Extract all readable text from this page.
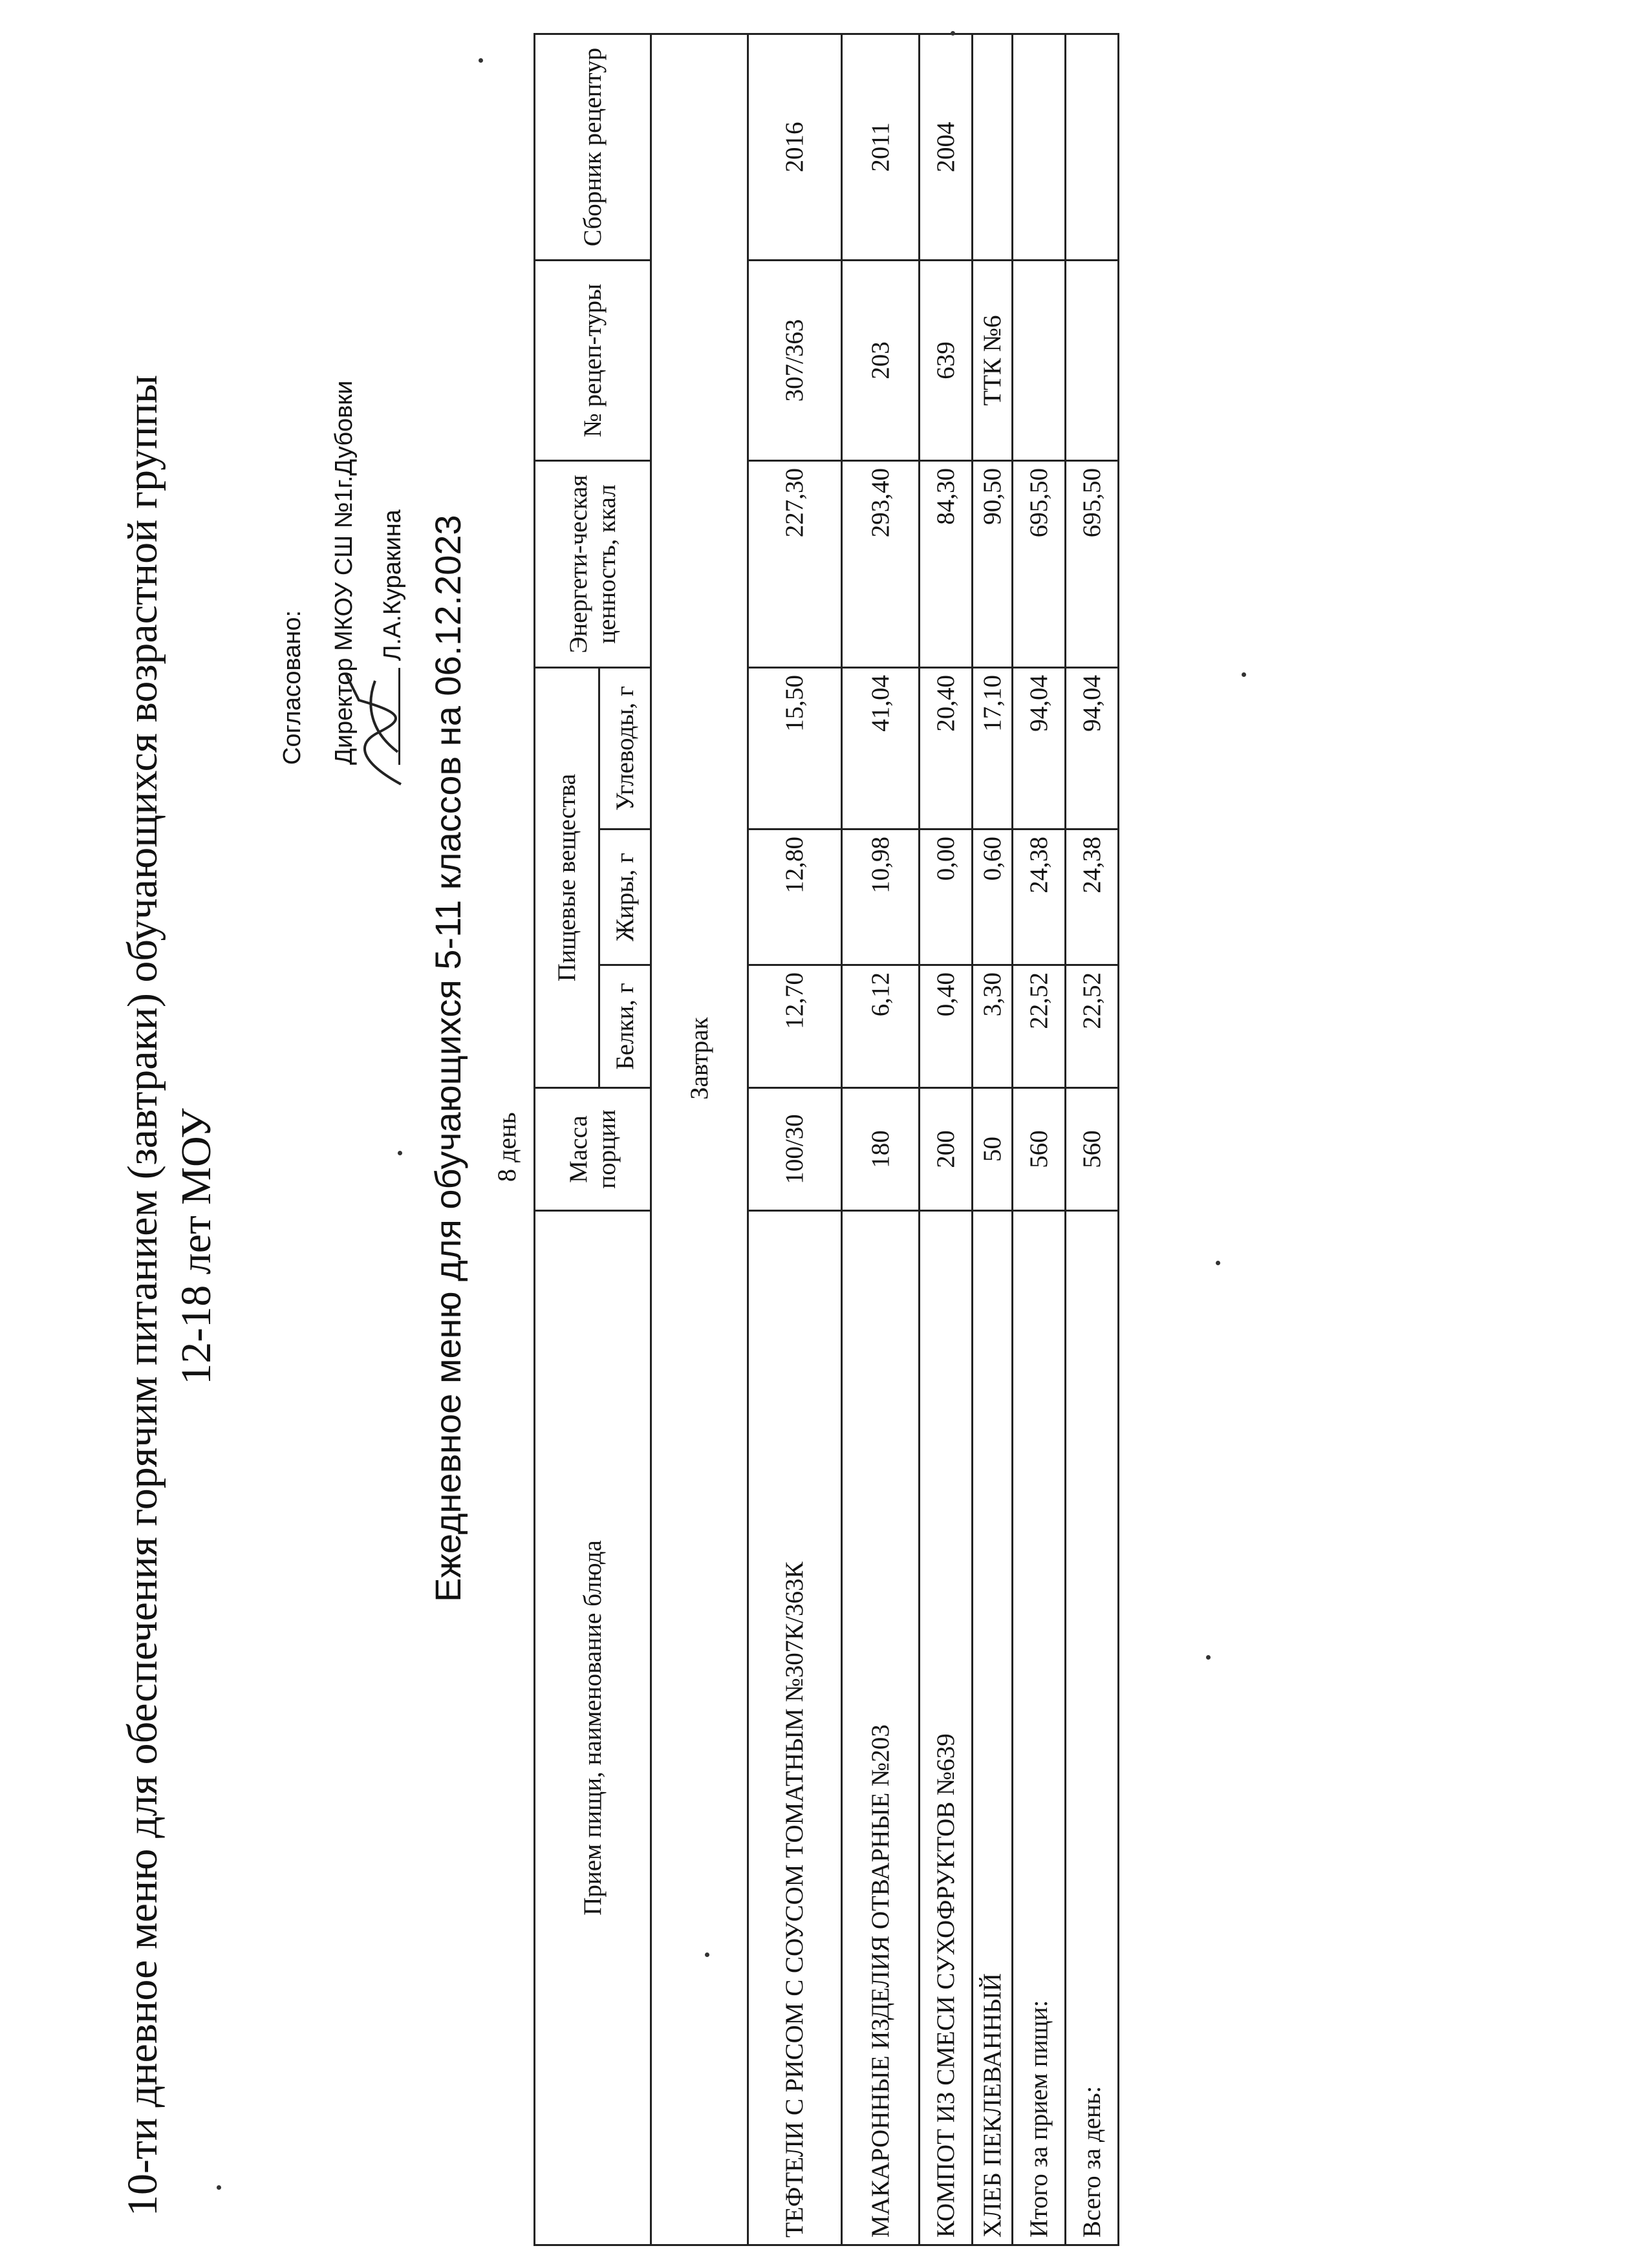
10-ти дневное меню для обеспечения горячим питанием (завтраки) обучающихся возрастной группы 12-18 лет МОУ
Согласовано: Директор МКОУ СШ №1г.Дубовки Л.А.Куракина Ежедневное меню для обучающихся 5-11 классов на 06.12.2023 8 день
Прием пищи, наименование блюда	Масса порции	Пищевые вещества			Энергети-ческая ценность, ккал	№ рецеп-туры	Сборник рецептур
		Белки, г	Жиры, г	Углеводы, г			
Завтрак							
ТЕФТЕЛИ С РИСОМ С СОУСОМ ТОМАТНЫМ №307К/363К	100/30	12,70	12,80	15,50	227,30	307/363	2016
МАКАРОННЫЕ ИЗДЕЛИЯ ОТВАРНЫЕ №203	180	6,12	10,98	41,04	293,40	203	2011
КОМПОТ ИЗ СМЕСИ СУХОФРУКТОВ №639	200	0,40	0,00	20,40	84,30	639	2004
ХЛЕБ ПЕКЛЕВАННЫЙ	50	3,30	0,60	17,10	90,50	ТТК №6	
Итого за прием пищи:	560	22,52	24,38	94,04	695,50		
Всего за день:	560	22,52	24,38	94,04	695,50		
